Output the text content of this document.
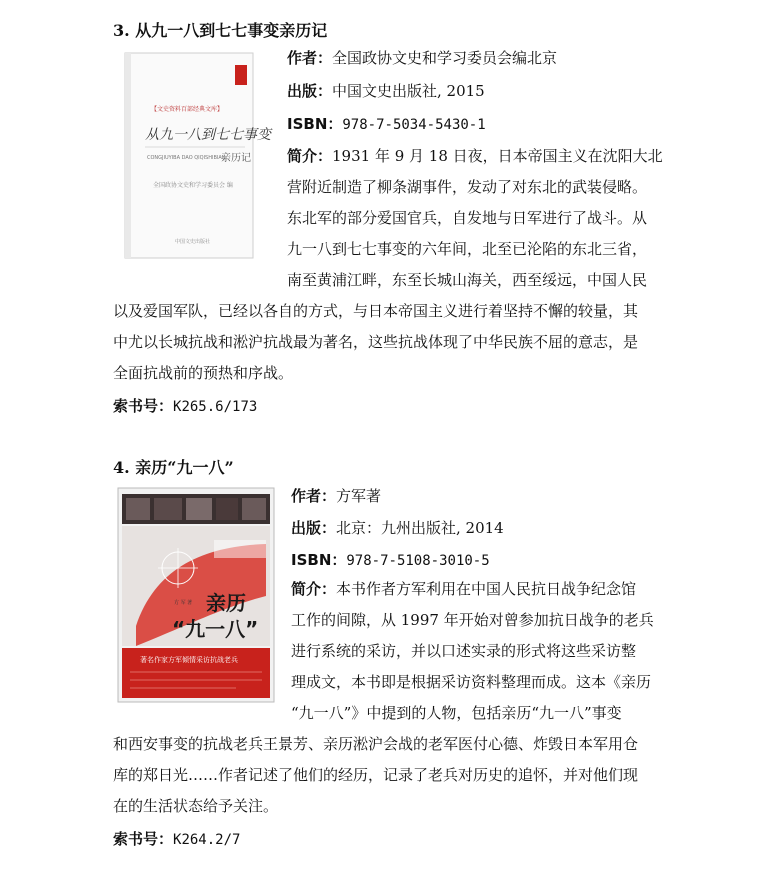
3. 从九一八到七七事变亲历记
【文史资料百部经典文库】
从九一八到七七事变
CONGJIUYIBA DAO QIQISHIBIAN
亲历记
全国政协文史和学习委员会 编
中国文史出版社
作者：全国政协文史和学习委员会编北京
出版：中国文史出版社, 2015
ISBN：978-7-5034-5430-1
简介：1931 年 9 月 18 日夜，日本帝国主义在沈阳大北
营附近制造了柳条湖事件，发动了对东北的武装侵略。
东北军的部分爱国官兵，自发地与日军进行了战斗。从
九一八到七七事变的六年间，北至已沦陷的东北三省，
南至黄浦江畔，东至长城山海关，西至绥远，中国人民
以及爱国军队，已经以各自的方式，与日本帝国主义进行着坚持不懈的较量，其
中尤以长城抗战和淞沪抗战最为著名，这些抗战体现了中华民族不屈的意志，是
全面抗战前的预热和序战。
索书号：K265.6/173
4. 亲历“九一八”
亲历
“九一八”
方 军 著
著名作家方军倾情采访抗战老兵
作者：方军著
出版：北京：九州出版社, 2014
ISBN：978-7-5108-3010-5
简介：本书作者方军利用在中国人民抗日战争纪念馆
工作的间隙，从 1997 年开始对曾参加抗日战争的老兵
进行系统的采访，并以口述实录的形式将这些采访整
理成文，本书即是根据采访资料整理而成。这本《亲历
“九一八”》中提到的人物，包括亲历“九一八”事变
和西安事变的抗战老兵王景芳、亲历淞沪会战的老军医付心德、炸毁日本军用仓
库的郑日光……作者记述了他们的经历，记录了老兵对历史的追怀，并对他们现
在的生活状态给予关注。
索书号：K264.2/7
